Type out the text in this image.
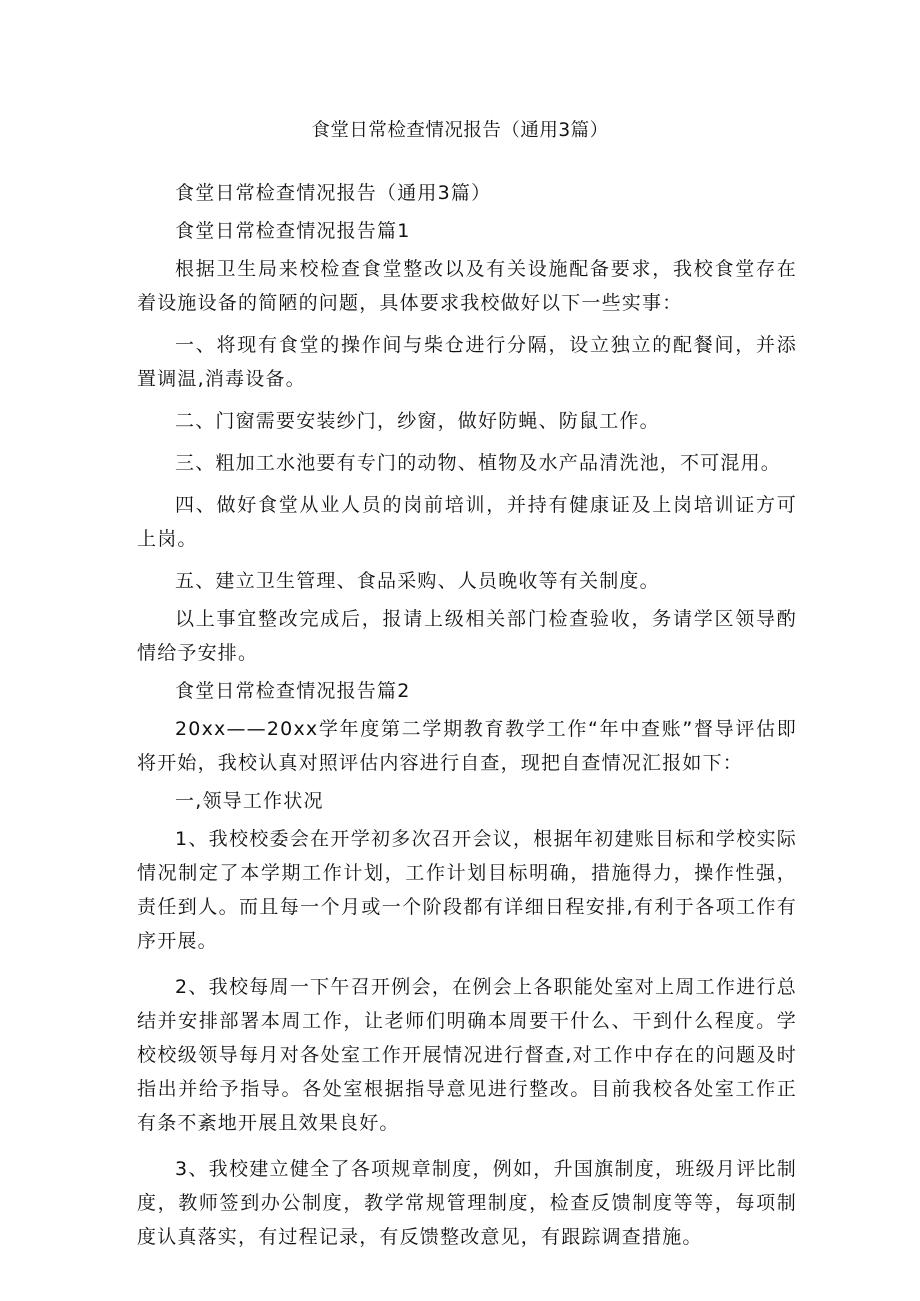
食堂日常检查情况报告（通用3篇）

食堂日常检查情况报告（通用3篇）

食堂日常检查情况报告篇1

根据卫生局来校检查食堂整改以及有关设施配备要求，我校食堂存在着设施设备的简陋的问题，具体要求我校做好以下一些实事：

一、将现有食堂的操作间与柴仓进行分隔，设立独立的配餐间，并添置调温,消毒设备。

二、门窗需要安装纱门，纱窗，做好防蝇、防鼠工作。

三、粗加工水池要有专门的动物、植物及水产品清洗池，不可混用。

四、做好食堂从业人员的岗前培训，并持有健康证及上岗培训证方可上岗。

五、建立卫生管理、食品采购、人员晚收等有关制度。

以上事宜整改完成后，报请上级相关部门检查验收，务请学区领导酌情给予安排。

食堂日常检查情况报告篇2

20xx——20xx学年度第二学期教育教学工作“年中查账”督导评估即将开始，我校认真对照评估内容进行自查，现把自查情况汇报如下：

一,领导工作状况

1、我校校委会在开学初多次召开会议，根据年初建账目标和学校实际情况制定了本学期工作计划，工作计划目标明确，措施得力，操作性强，责任到人。而且每一个月或一个阶段都有详细日程安排,有利于各项工作有序开展。

2、我校每周一下午召开例会，在例会上各职能处室对上周工作进行总结并安排部署本周工作，让老师们明确本周要干什么、干到什么程度。学校校级领导每月对各处室工作开展情况进行督查,对工作中存在的问题及时指出并给予指导。各处室根据指导意见进行整改。目前我校各处室工作正有条不紊地开展且效果良好。

3、我校建立健全了各项规章制度，例如，升国旗制度，班级月评比制度，教师签到办公制度，教学常规管理制度，检查反馈制度等等，每项制度认真落实，有过程记录，有反馈整改意见，有跟踪调查措施。
